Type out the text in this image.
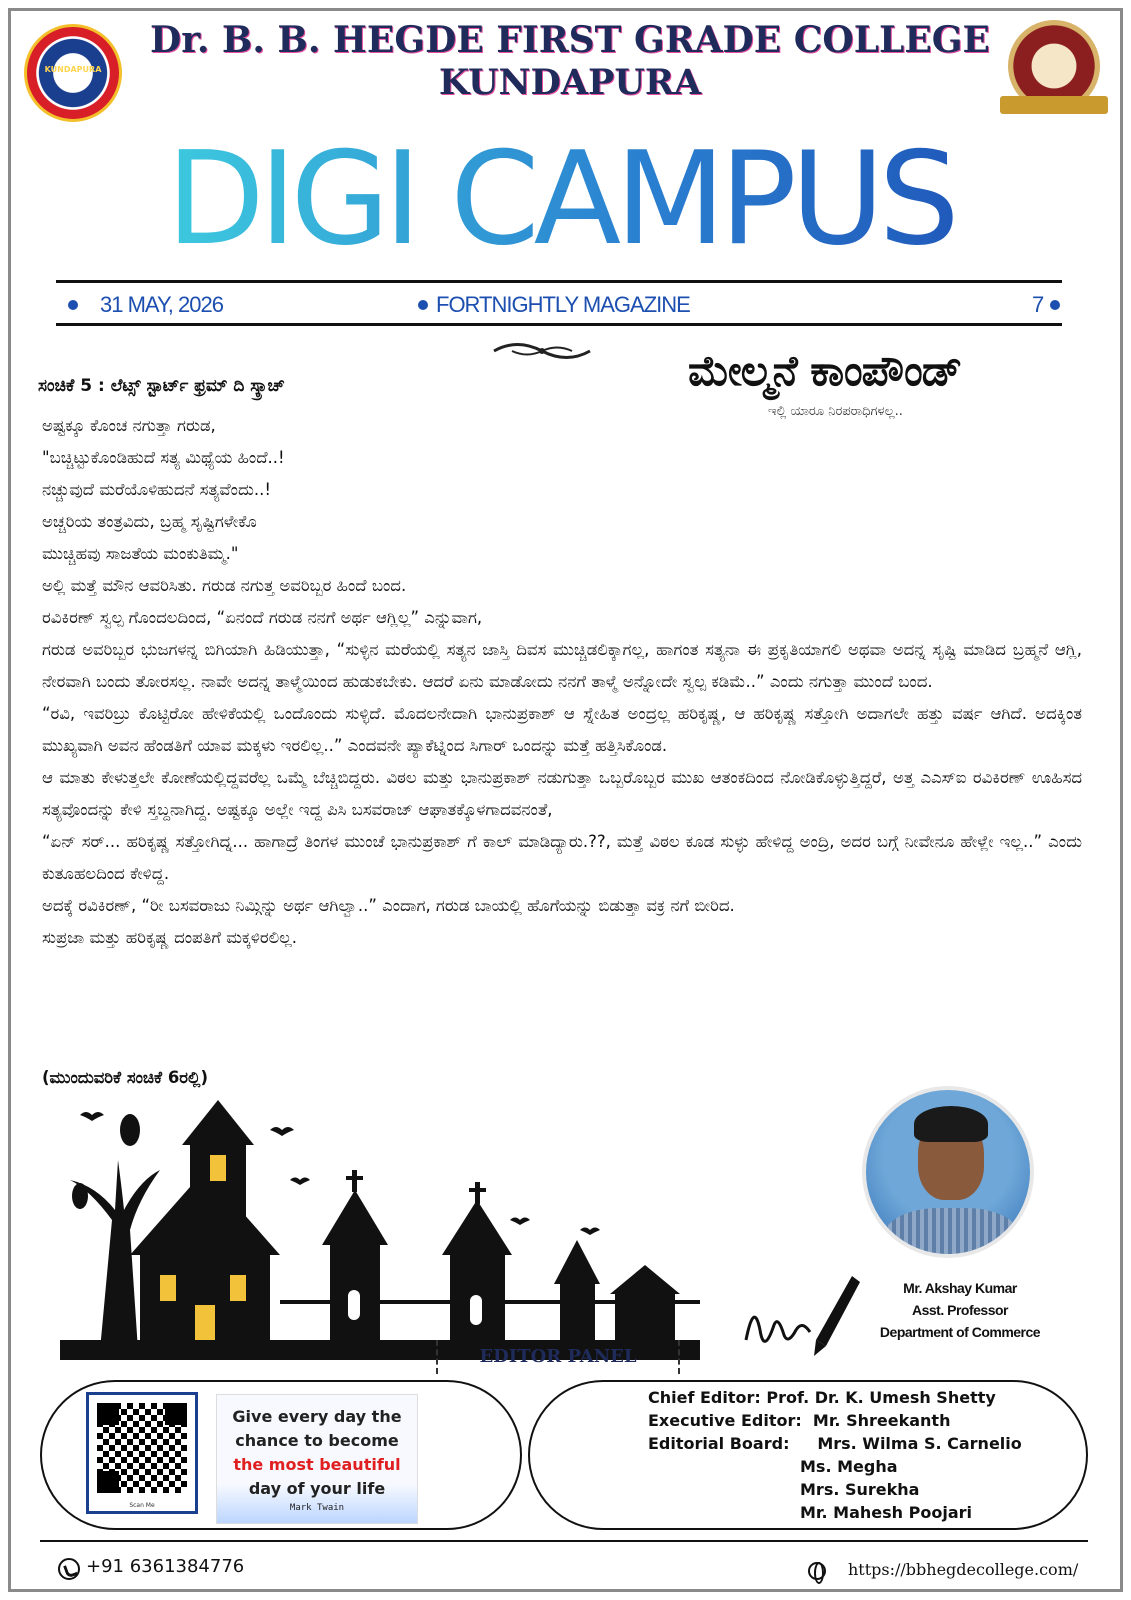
KUNDAPURA
Dr. B. B. HEGDE FIRST GRADE COLLEGE
KUNDAPURA
DIGI CAMPUS
31 MAY, 2026	FORTNIGHTLY MAGAZINE	7
ಮೇಲ್ಮನೆ ಕಾಂಪೌಂಡ್
ಇಲ್ಲಿ ಯಾರೂ ನಿರಪರಾಧಿಗಳಲ್ಲ..
ಸಂಚಿಕೆ 5 : ಲೆಟ್ಸ್ ಸ್ಟಾರ್ಟ್ ಫ್ರಮ್ ದಿ ಸ್ಕ್ರಾಚ್

ಅಷ್ಟಕ್ಕೂ ಕೊಂಚ ನಗುತ್ತಾ ಗರುಡ,

"ಬಚ್ಚಿಟ್ಟುಕೊಂಡಿಹುದೆ ಸತ್ಯ ಮಿಥ್ಯೆಯ ಹಿಂದೆ..!

ನಚ್ಚುವುದೆ ಮರೆಯೊಳಿಹುದನೆ ಸತ್ಯವೆಂದು..!

ಅಚ್ಚರಿಯ ತಂತ್ರವಿದು, ಬ್ರಹ್ಮ ಸೃಷ್ಟಿಗಳೇಕೊ

ಮುಚ್ಚಿಹವು ಸಾಜತೆಯ ಮಂಕುತಿಮ್ಮ."

ಅಲ್ಲಿ ಮತ್ತೆ ಮೌನ ಆವರಿಸಿತು. ಗರುಡ ನಗುತ್ತ ಅವರಿಬ್ಬರ ಹಿಂದೆ ಬಂದ.

ರವಿಕಿರಣ್ ಸ್ವಲ್ಪ ಗೊಂದಲದಿಂದ, “ಏನಂದೆ ಗರುಡ ನನಗೆ ಅರ್ಥ ಆಗ್ಲಿಲ್ಲ” ಎನ್ನುವಾಗ,

ಗರುಡ ಅವರಿಬ್ಬರ ಭುಜಗಳನ್ನ ಬಿಗಿಯಾಗಿ ಹಿಡಿಯುತ್ತಾ, “ಸುಳ್ಳಿನ ಮರೆಯಲ್ಲಿ ಸತ್ಯನ ಜಾಸ್ತಿ ದಿವಸ ಮುಚ್ಚಿಡಲಿಕ್ಕಾಗಲ್ಲ, ಹಾಗಂತ ಸತ್ಯನಾ ಈ ಪ್ರಕೃತಿಯಾಗಲಿ ಅಥವಾ ಅದನ್ನ ಸೃಷ್ಟಿ ಮಾಡಿದ ಬ್ರಹ್ಮನೆ ಆಗ್ಲಿ, ನೇರವಾಗಿ ಬಂದು ತೋರಸಲ್ಲ. ನಾವೇ ಅದನ್ನ ತಾಳ್ಮೆಯಿಂದ ಹುಡುಕಬೇಕು. ಆದರೆ ಏನು ಮಾಡೋದು ನನಗೆ ತಾಳ್ಮೆ ಅನ್ನೋದೇ ಸ್ವಲ್ಪ ಕಡಿಮೆ..” ಎಂದು ನಗುತ್ತಾ ಮುಂದೆ ಬಂದ.

“ರವಿ, ಇವರಿಬ್ರು ಕೊಟ್ಟಿರೋ ಹೇಳಿಕೆಯಲ್ಲಿ ಒಂದೊಂದು ಸುಳ್ಳಿದೆ. ಮೊದಲನೇದಾಗಿ ಭಾನುಪ್ರಕಾಶ್ ಆ ಸ್ನೇಹಿತ ಅಂದ್ರಲ್ಲ ಹರಿಕೃಷ್ಣ, ಆ ಹರಿಕೃಷ್ಣ ಸತ್ತೋಗಿ ಅದಾಗಲೇ ಹತ್ತು ವರ್ಷ ಆಗಿದೆ. ಅದಕ್ಕಿಂತ ಮುಖ್ಯವಾಗಿ ಅವನ ಹೆಂಡತಿಗೆ ಯಾವ ಮಕ್ಕಳು ಇರಲಿಲ್ಲ..” ಎಂದವನೇ ಪ್ಯಾಕೆಟ್ನಿಂದ ಸಿಗಾರ್ ಒಂದನ್ನು ಮತ್ತೆ ಹತ್ತಿಸಿಕೊಂಡ.

ಆ ಮಾತು ಕೇಳುತ್ತಲೇ ಕೋಣೆಯಲ್ಲಿದ್ದವರೆಲ್ಲ ಒಮ್ಮೆ ಬೆಚ್ಚಿಬಿದ್ದರು. ವಿಠಲ ಮತ್ತು ಭಾನುಪ್ರಕಾಶ್ ನಡುಗುತ್ತಾ ಒಬ್ಬರೊಬ್ಬರ ಮುಖ ಆತಂಕದಿಂದ ನೋಡಿಕೊಳ್ಳುತ್ತಿದ್ದರೆ, ಅತ್ತ ಎಎಸ್ಐ ರವಿಕಿರಣ್ ಊಹಿಸದ ಸತ್ಯವೊಂದನ್ನು ಕೇಳಿ ಸ್ತಬ್ದನಾಗಿದ್ದ. ಅಷ್ಟಕ್ಕೂ ಅಲ್ಲೇ ಇದ್ದ ಪಿಸಿ ಬಸವರಾಜ್ ಆಘಾತಕ್ಕೊಳಗಾದವನಂತೆ,

“ಏನ್ ಸರ್... ಹರಿಕೃಷ್ಣ ಸತ್ತೋಗಿದ್ನ... ಹಾಗಾದ್ರೆ ತಿಂಗಳ ಮುಂಚೆ ಭಾನುಪ್ರಕಾಶ್ ಗೆ ಕಾಲ್ ಮಾಡಿದ್ಯಾರು.??, ಮತ್ತೆ ವಿಠಲ ಕೂಡ ಸುಳ್ಳು ಹೇಳಿದ್ದ ಅಂದ್ರಿ, ಅದರ ಬಗ್ಗೆ ನೀವೇನೂ ಹೇಳ್ಲೇ ಇಲ್ಲ..” ಎಂದು ಕುತೂಹಲದಿಂದ ಕೇಳಿದ್ದ.

ಅದಕ್ಕೆ ರವಿಕಿರಣ್, “ರೀ ಬಸವರಾಜು ನಿಮ್ಗಿನ್ನು ಅರ್ಥ ಆಗಿಲ್ವಾ..” ಎಂದಾಗ, ಗರುಡ ಬಾಯಲ್ಲಿ ಹೊಗೆಯನ್ನು ಬಿಡುತ್ತಾ ವಕ್ರ ನಗೆ ಬೀರಿದ.

ಸುಪ್ರಜಾ ಮತ್ತು ಹರಿಕೃಷ್ಣ ದಂಪತಿಗೆ ಮಕ್ಕಳಿರಲಿಲ್ಲ.

(ಮುಂದುವರಿಕೆ ಸಂಚಿಕೆ 6ರಲ್ಲಿ)
Mr. Akshay Kumar
Asst. Professor
Department of Commerce
EDITOR PANEL
Scan Me
Give every day the
chance to become
the most beautiful
day of your life
Mark Twain
Chief Editor: Prof. Dr. K. Umesh Shetty
Executive Editor:  Mr. Shreekanth
Editorial Board:     Mrs. Wilma S. Carnelio
Ms. Megha
Mrs. Surekha
Mr. Mahesh Poojari
+91 6361384776	https://bbhegdecollege.com/
